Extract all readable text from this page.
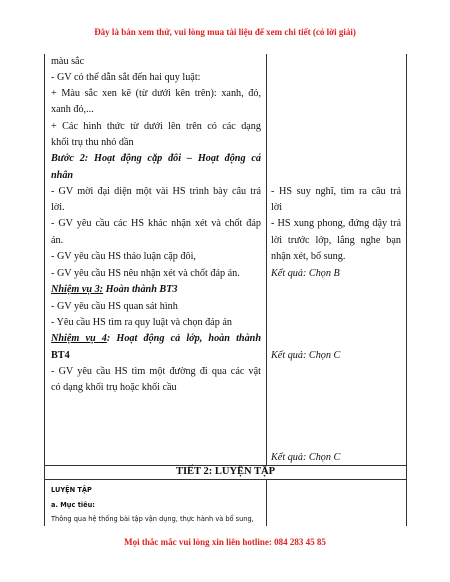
Đây là bản xem thử, vui lòng mua tài liệu để xem chi tiết (có lời giải)
màu sắc
- GV có thể dẫn sắt đến hai quy luật:
+ Màu sắc xen kẽ (từ dưới kên trên): xanh, đỏ,
xanh đỏ,...
+ Các hình thức từ dưới lên trên có các dạng
khối trụ thu nhỏ dần
Bước 2: Hoạt động cặp đôi – Hoạt động cá
nhân
- GV mời đại diện một vài HS trình bày câu trả
lời.
- GV yêu cầu các HS khác nhận xét và chốt đáp
án.
- GV yêu cầu HS thảo luận cặp đôi,
- GV yêu cầu HS nêu nhận xét và chốt đáp án.
Nhiệm vụ 3: Hoàn thành BT3
- GV yêu cầu HS quan sát hình
- Yêu cầu HS tìm ra quy luật và chọn đáp án
Nhiệm vụ 4: Hoạt động cả lớp, hoàn thành
BT4
- GV yêu cầu HS tìm một đường đi qua các vật
có dạng khối trụ hoặc khối cầu
- HS suy nghĩ, tìm ra câu trả
lời
- HS xung phong, đứng dậy trả
lời trước lớp, lắng nghe bạn
nhận xét, bổ sung.
Kết quả: Chọn B
Kết quả: Chọn C
Kết quả: Chọn C
TIẾT 2: LUYỆN TẬP
LUYỆN TẬP
a. Mục tiêu:
Thông qua hệ thống bài tập vận dụng, thực hành và bổ sung,
Mọi thắc mắc vui lòng xin liên hotline: 084 283 45 85
